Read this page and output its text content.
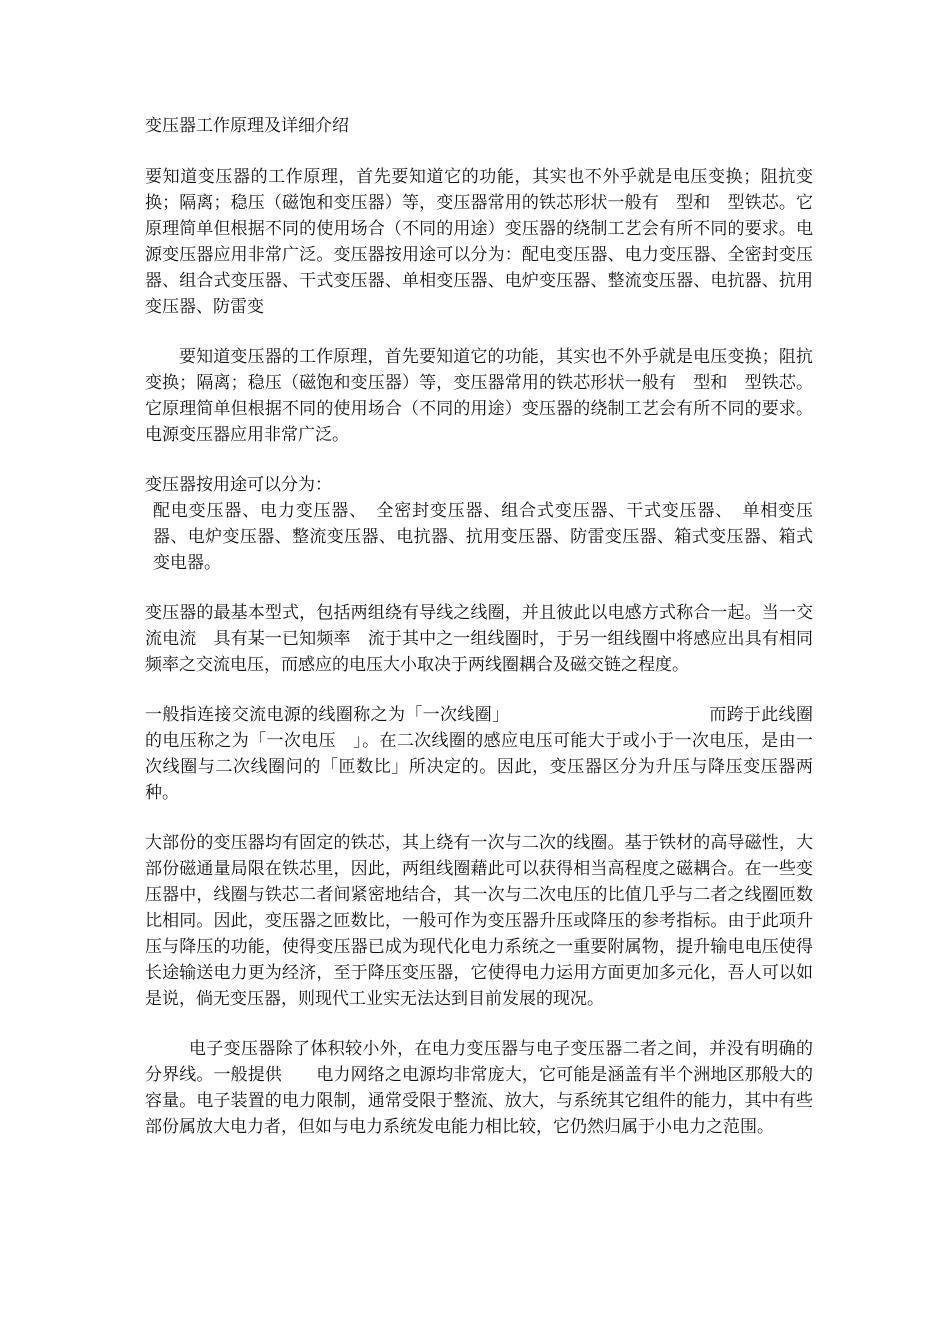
变压器工作原理及详细介绍

要知道变压器的工作原理，首先要知道它的功能，其实也不外乎就是电压变换；阻抗变换；隔离；稳压（磁饱和变压器）等，变压器常用的铁芯形状一般有　型和　型铁芯。它原理简单但根据不同的使用场合（不同的用途）变压器的绕制工艺会有所不同的要求。电源变压器应用非常广泛。变压器按用途可以分为：配电变压器、电力变压器、全密封变压器、组合式变压器、干式变压器、单相变压器、电炉变压器、整流变压器、电抗器、抗用变压器、防雷变

要知道变压器的工作原理，首先要知道它的功能，其实也不外乎就是电压变换；阻抗变换；隔离；稳压（磁饱和变压器）等，变压器常用的铁芯形状一般有　型和　型铁芯。它原理简单但根据不同的使用场合（不同的用途）变压器的绕制工艺会有所不同的要求。电源变压器应用非常广泛。

变压器按用途可以分为：

配电变压器、电力变压器、　全密封变压器、组合式变压器、干式变压器、　单相变压器、电炉变压器、整流变压器、电抗器、抗用变压器、防雷变压器、箱式变压器、箱式变电器。

变压器的最基本型式，包括两组绕有导线之线圈，并且彼此以电感方式称合一起。当一交流电流　具有某一已知频率　流于其中之一组线圈时，于另一组线圈中将感应出具有相同频率之交流电压，而感应的电压大小取决于两线圈耦合及磁交链之程度。

一般指连接交流电源的线圈称之为「一次线圈」　　　　　　　　　　　　而跨于此线圈的电压称之为「一次电压　」。在二次线圈的感应电压可能大于或小于一次电压，是由一次线圈与二次线圈问的「匝数比」所决定的。因此，变压器区分为升压与降压变压器两种。

大部份的变压器均有固定的铁芯，其上绕有一次与二次的线圈。基于铁材的高导磁性，大部份磁通量局限在铁芯里，因此，两组线圈藉此可以获得相当高程度之磁耦合。在一些变压器中，线圈与铁芯二者间紧密地结合，其一次与二次电压的比值几乎与二者之线圈匝数比相同。因此，变压器之匝数比，一般可作为变压器升压或降压的参考指标。由于此项升压与降压的功能，使得变压器已成为现代化电力系统之一重要附属物，提升输电电压使得长途输送电力更为经济，至于降压变压器，它使得电力运用方面更加多元化，吾人可以如是说，倘无变压器，则现代工业实无法达到目前发展的现况。

电子变压器除了体积较小外，在电力变压器与电子变压器二者之间，并没有明确的分界线。一般提供　　电力网络之电源均非常庞大，它可能是涵盖有半个洲地区那般大的容量。电子装置的电力限制，通常受限于整流、放大，与系统其它组件的能力，其中有些部份属放大电力者，但如与电力系统发电能力相比较，它仍然归属于小电力之范围。
